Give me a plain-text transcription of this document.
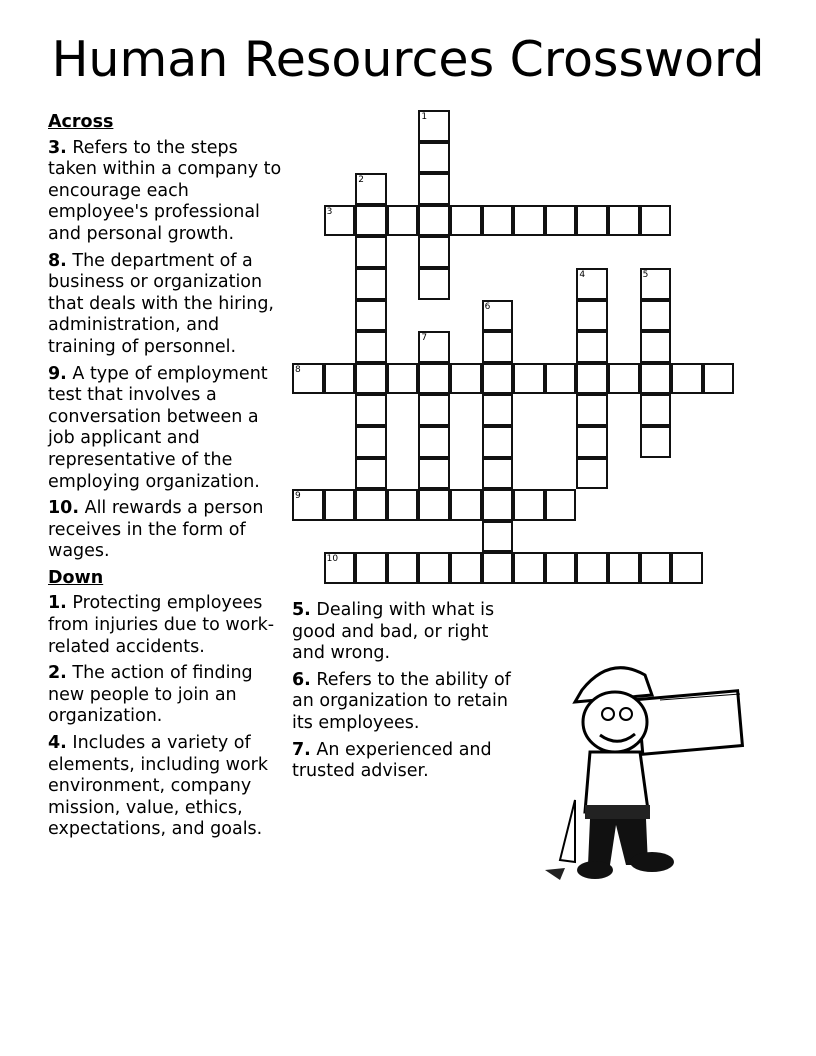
Human Resources Crossword
Across
3. Refers to the steps taken within a company to encourage each employee's professional and personal growth.
8. The department of a business or organization that deals with the hiring, administration, and training of personnel.
9. A type of employment test that involves a conversation between a job applicant and representative of the employing organization.
10. All rewards a person receives in the form of wages.
Down
1. Protecting employees from injuries due to work-related accidents.
2. The action of finding new people to join an organization.
4. Includes a variety of elements, including work environment, company mission, value, ethics, expectations, and goals.
5. Dealing with what is good and bad, or right and wrong.
6. Refers to the ability of an organization to retain its employees.
7. An experienced and trusted adviser.
1
2
3
4	5
6
7
8
9
10
